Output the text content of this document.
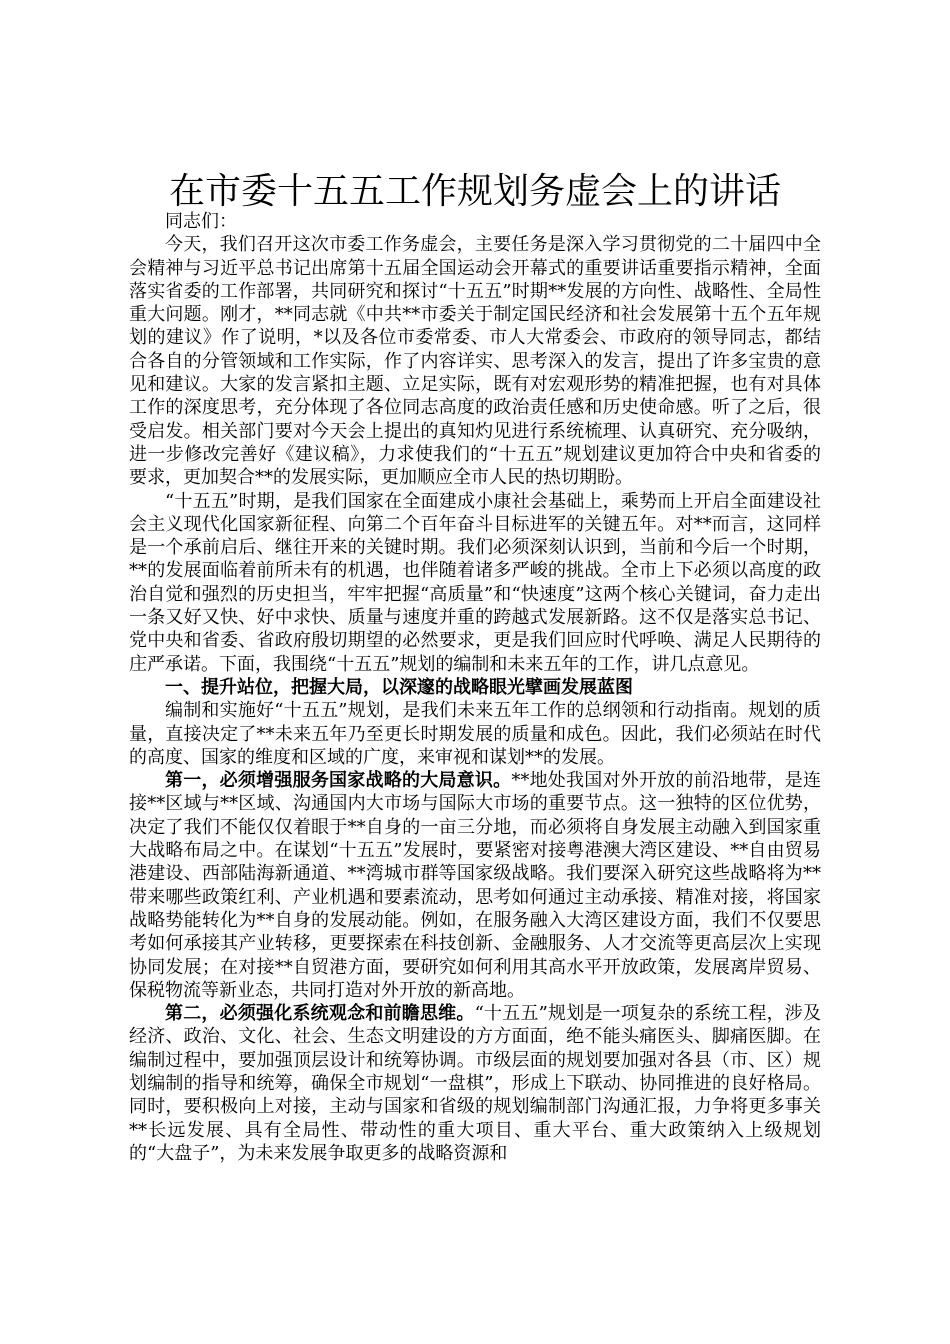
在市委十五五工作规划务虚会上的讲话

同志们：

今天，我们召开这次市委工作务虚会，主要任务是深入学习贯彻党的二十届四中全会精神与习近平总书记出席第十五届全国运动会开幕式的重要讲话重要指示精神，全面落实省委的工作部署，共同研究和探讨“十五五”时期**发展的方向性、战略性、全局性重大问题。刚才，**同志就《中共**市委关于制定国民经济和社会发展第十五个五年规划的建议》作了说明，*以及各位市委常委、市人大常委会、市政府的领导同志，都结合各自的分管领域和工作实际，作了内容详实、思考深入的发言，提出了许多宝贵的意见和建议。大家的发言紧扣主题、立足实际，既有对宏观形势的精准把握，也有对具体工作的深度思考，充分体现了各位同志高度的政治责任感和历史使命感。听了之后，很受启发。相关部门要对今天会上提出的真知灼见进行系统梳理、认真研究、充分吸纳，进一步修改完善好《建议稿》，力求使我们的“十五五”规划建议更加符合中央和省委的要求，更加契合**的发展实际，更加顺应全市人民的热切期盼。

“十五五”时期，是我们国家在全面建成小康社会基础上，乘势而上开启全面建设社会主义现代化国家新征程、向第二个百年奋斗目标进军的关键五年。对**而言，这同样是一个承前启后、继往开来的关键时期。我们必须深刻认识到，当前和今后一个时期，**的发展面临着前所未有的机遇，也伴随着诸多严峻的挑战。全市上下必须以高度的政治自觉和强烈的历史担当，牢牢把握“高质量”和“快速度”这两个核心关键词，奋力走出一条又好又快、好中求快、质量与速度并重的跨越式发展新路。这不仅是落实总书记、党中央和省委、省政府殷切期望的必然要求，更是我们回应时代呼唤、满足人民期待的庄严承诺。下面，我围绕“十五五”规划的编制和未来五年的工作，讲几点意见。

一、提升站位，把握大局，以深邃的战略眼光擘画发展蓝图

编制和实施好“十五五”规划，是我们未来五年工作的总纲领和行动指南。规划的质量，直接决定了**未来五年乃至更长时期发展的质量和成色。因此，我们必须站在时代的高度、国家的维度和区域的广度，来审视和谋划**的发展。

第一，必须增强服务国家战略的大局意识。**地处我国对外开放的前沿地带，是连接**区域与**区域、沟通国内大市场与国际大市场的重要节点。这一独特的区位优势，决定了我们不能仅仅着眼于**自身的一亩三分地，而必须将自身发展主动融入到国家重大战略布局之中。在谋划“十五五”发展时，要紧密对接粤港澳大湾区建设、**自由贸易港建设、西部陆海新通道、**湾城市群等国家级战略。我们要深入研究这些战略将为**带来哪些政策红利、产业机遇和要素流动，思考如何通过主动承接、精准对接，将国家战略势能转化为**自身的发展动能。例如，在服务融入大湾区建设方面，我们不仅要思考如何承接其产业转移，更要探索在科技创新、金融服务、人才交流等更高层次上实现协同发展；在对接**自贸港方面，要研究如何利用其高水平开放政策，发展离岸贸易、保税物流等新业态，共同打造对外开放的新高地。

第二，必须强化系统观念和前瞻思维。“十五五”规划是一项复杂的系统工程，涉及经济、政治、文化、社会、生态文明建设的方方面面，绝不能头痛医头、脚痛医脚。在编制过程中，要加强顶层设计和统筹协调。市级层面的规划要加强对各县（市、区）规划编制的指导和统筹，确保全市规划“一盘棋”，形成上下联动、协同推进的良好格局。同时，要积极向上对接，主动与国家和省级的规划编制部门沟通汇报，力争将更多事关**长远发展、具有全局性、带动性的重大项目、重大平台、重大政策纳入上级规划的“大盘子”，为未来发展争取更多的战略资源和
